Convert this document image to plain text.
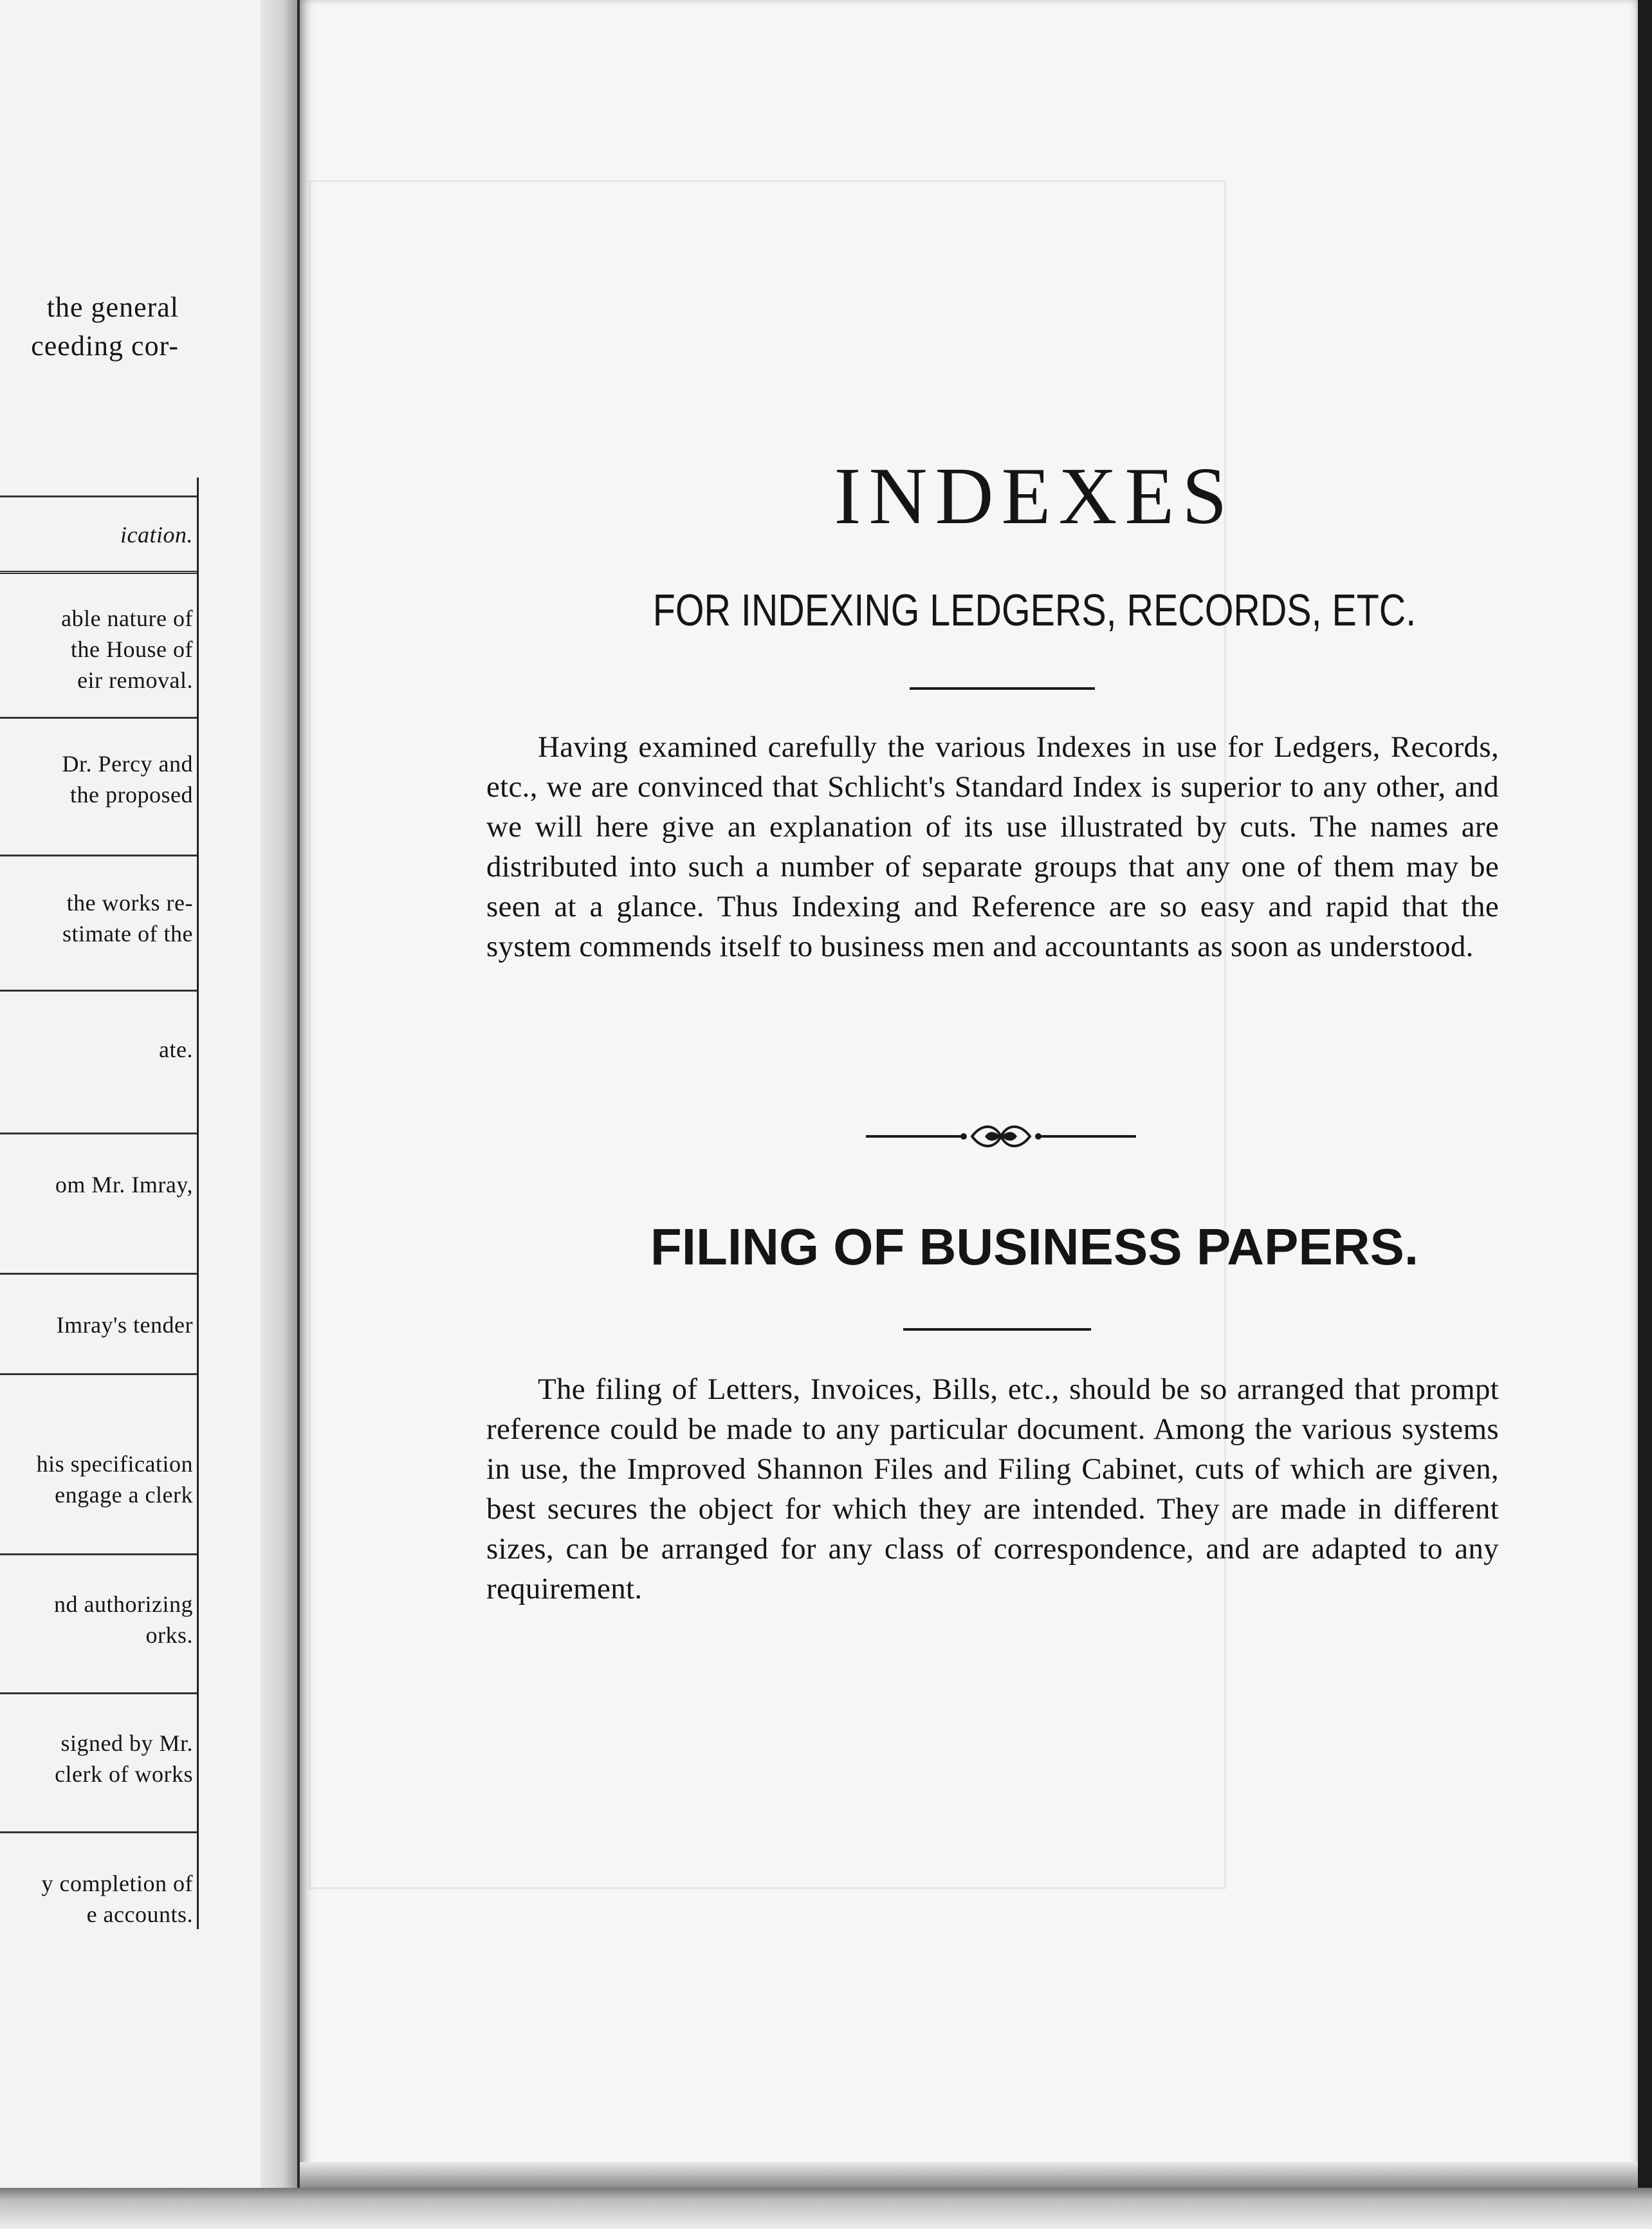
the general
ceeding cor-
ication.
able nature of
the House of
eir removal.
Dr. Percy and
the proposed
the works re-
stimate of the
ate.
om Mr. Imray,
Imray's tender
his specification
engage a clerk
nd authorizing
orks.
signed by Mr.
clerk of works
y completion of
e accounts.

INDEXES
FOR INDEXING LEDGERS, RECORDS, ETC.

Having examined carefully the various Indexes in use for Ledgers, Records, etc., we are convinced that Schlicht's Standard Index is superior to any other, and we will here give an explanation of its use illustrated by cuts. The names are distributed into such a number of separate groups that any one of them may be seen at a glance. Thus Indexing and Reference are so easy and rapid that the system commends itself to business men and accountants as soon as understood.

FILING OF BUSINESS PAPERS.

The filing of Letters, Invoices, Bills, etc., should be so arranged that prompt reference could be made to any particular document. Among the various systems in use, the Improved Shannon Files and Filing Cabinet, cuts of which are given, best secures the object for which they are intended. They are made in different sizes, can be arranged for any class of correspondence, and are adapted to any requirement.
